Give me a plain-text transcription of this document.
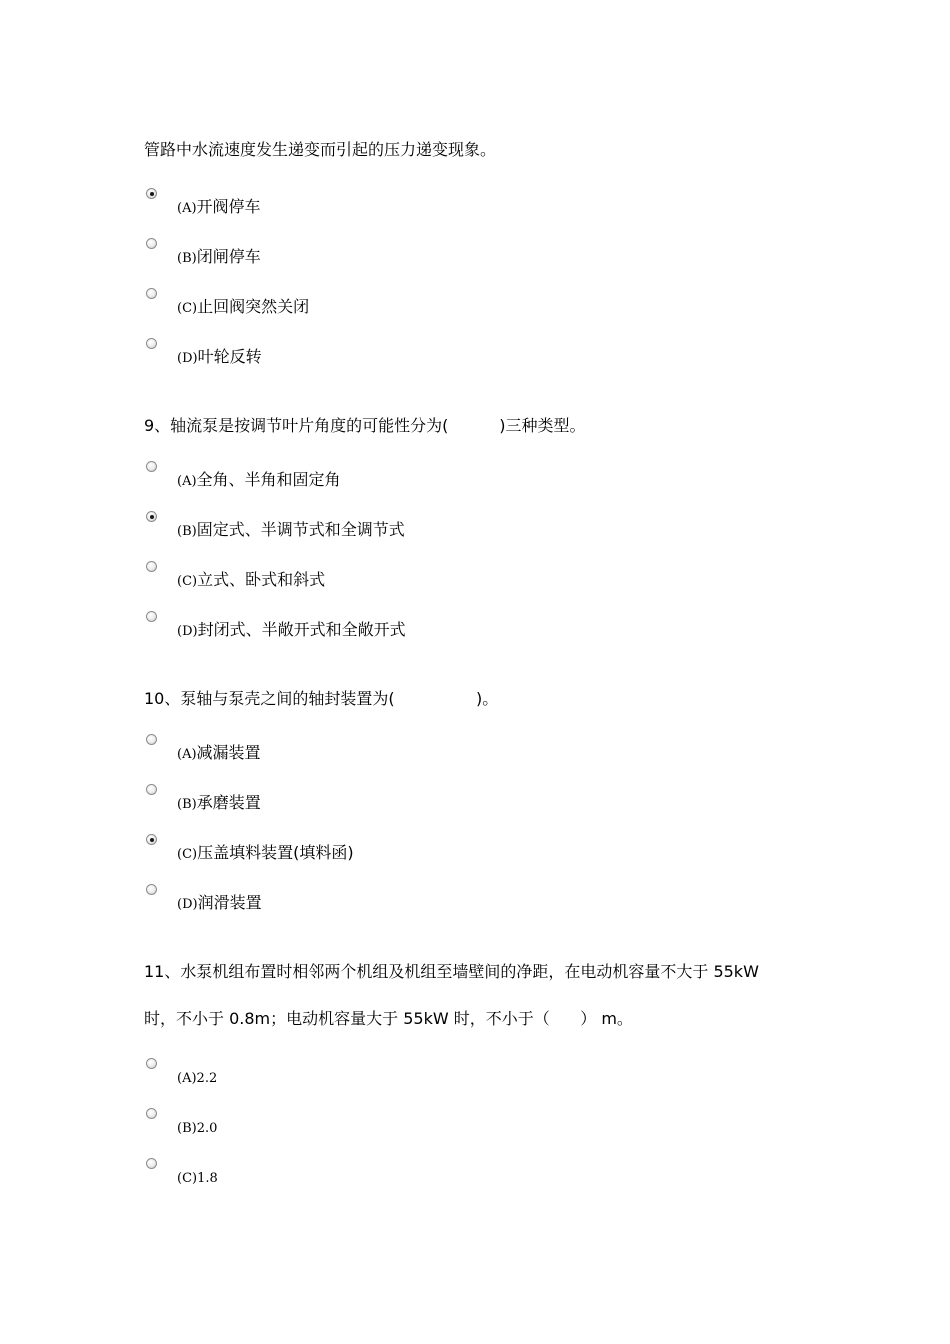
管路中水流速度发生递变而引起的压力递变现象。

(A)开阀停车
(B)闭闸停车
(C)止回阀突然关闭
(D)叶轮反转

9、轴流泵是按调节叶片角度的可能性分为(          )三种类型。

(A)全角、半角和固定角
(B)固定式、半调节式和全调节式
(C)立式、卧式和斜式
(D)封闭式、半敞开式和全敞开式

10、泵轴与泵壳之间的轴封装置为(                )。

(A)减漏装置
(B)承磨装置
(C)压盖填料装置(填料函)
(D)润滑装置

11、水泵机组布置时相邻两个机组及机组至墙壁间的净距，在电动机容量不大于 55kW

时，不小于 0.8m；电动机容量大于 55kW 时，不小于（      ） m。

(A)2.2
(B)2.0
(C)1.8
